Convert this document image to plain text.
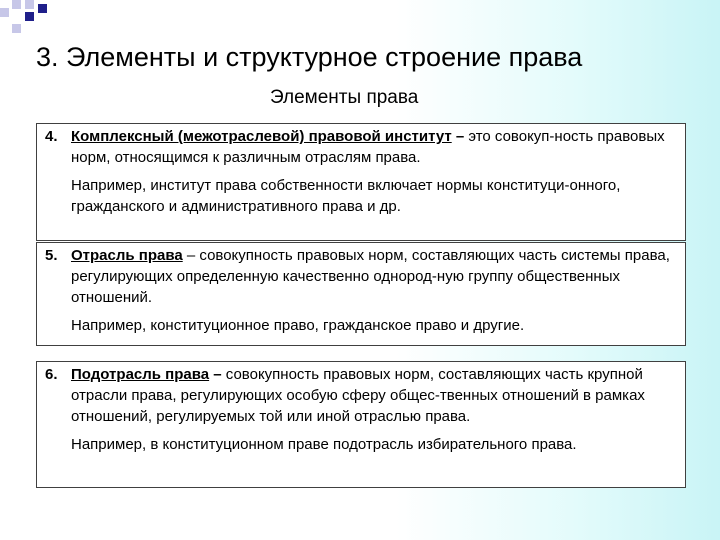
3. Элементы и структурное строение права
Элементы права
4. Комплексный (межотраслевой) правовой институт – это совокуп-ность правовых норм, относящимся к различным отраслям права.
Например, институт права собственности включает нормы конституци-онного, гражданского и административного права и др.
5. Отрасль права – совокупность правовых норм, составляющих часть системы права, регулирующих определенную качественно однород-ную группу общественных отношений.
Например, конституционное право, гражданское право и другие.
6. Подотрасль права – совокупность правовых норм, составляющих часть крупной отрасли права, регулирующих особую сферу общес-твенных отношений в рамках отношений, регулируемых той или иной отраслью права.
Например, в конституционном праве подотрасль избирательного права.
